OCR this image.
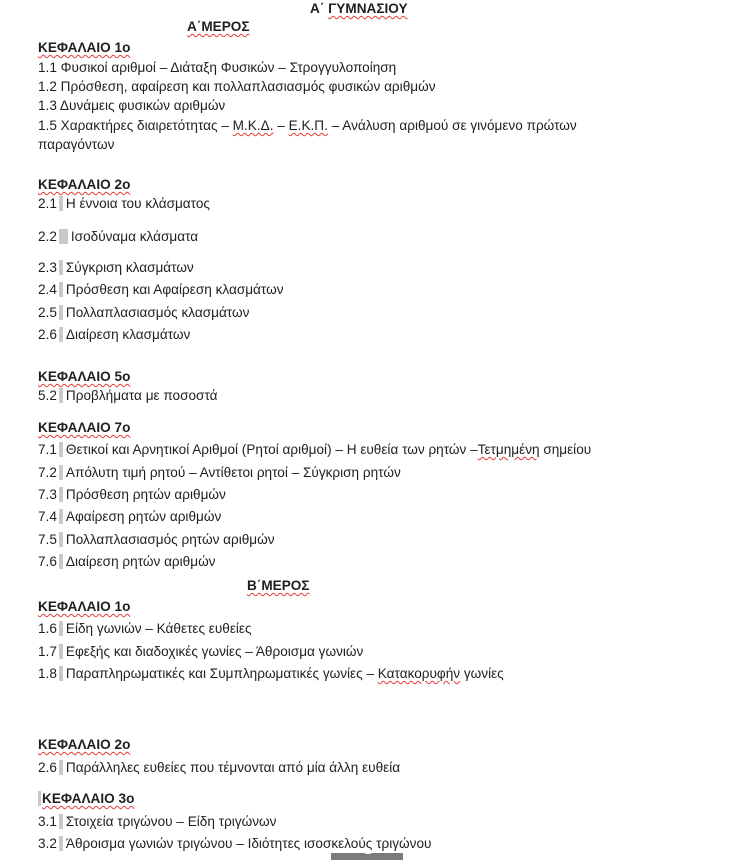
Α΄ ΓΥΜΝΑΣΙΟΥ
Α΄ΜΕΡΟΣ
ΚΕΦΑΛΑΙΟ 1ο
1.1 Φυσικοί αριθμοί – Διάταξη Φυσικών – Στρογγυλοποίηση
1.2 Πρόσθεση, αφαίρεση και πολλαπλασιασμός φυσικών αριθμών
1.3 Δυνάμεις φυσικών αριθμών
1.5 Χαρακτήρες διαιρετότητας – Μ.Κ.Δ. – Ε.Κ.Π. – Ανάλυση αριθμού σε γινόμενο πρώτων
παραγόντων
ΚΕΦΑΛΑΙΟ 2ο
2.1 Η έννοια του κλάσματος
2.2 Ισοδύναμα κλάσματα
2.3 Σύγκριση κλασμάτων
2.4 Πρόσθεση και Αφαίρεση κλασμάτων
2.5 Πολλαπλασιασμός κλασμάτων
2.6 Διαίρεση κλασμάτων
ΚΕΦΑΛΑΙΟ 5ο
5.2 Προβλήματα με ποσοστά
ΚΕΦΑΛΑΙΟ 7ο
7.1 Θετικοί και Αρνητικοί Αριθμοί (Ρητοί αριθμοί) – Η ευθεία των ρητών –Τετμημένη σημείου
7.2 Απόλυτη τιμή ρητού – Αντίθετοι ρητοί – Σύγκριση ρητών
7.3 Πρόσθεση ρητών αριθμών
7.4 Αφαίρεση ρητών αριθμών
7.5 Πολλαπλασιασμός ρητών αριθμών
7.6 Διαίρεση ρητών αριθμών
Β΄ΜΕΡΟΣ
ΚΕΦΑΛΑΙΟ 1ο
1.6 Είδη γωνιών – Κάθετες ευθείες
1.7 Εφεξής και διαδοχικές γωνίες – Άθροισμα γωνιών
1.8 Παραπληρωματικές και Συμπληρωματικές γωνίες – Κατακορυφήν γωνίες
ΚΕΦΑΛΑΙΟ 2ο
2.6 Παράλληλες ευθείες που τέμνονται από μία άλλη ευθεία
ΚΕΦΑΛΑΙΟ 3ο
3.1 Στοιχεία τριγώνου – Είδη τριγώνων
3.2 Άθροισμα γωνιών τριγώνου – Ιδιότητες ισοσκελούς τριγώνου
